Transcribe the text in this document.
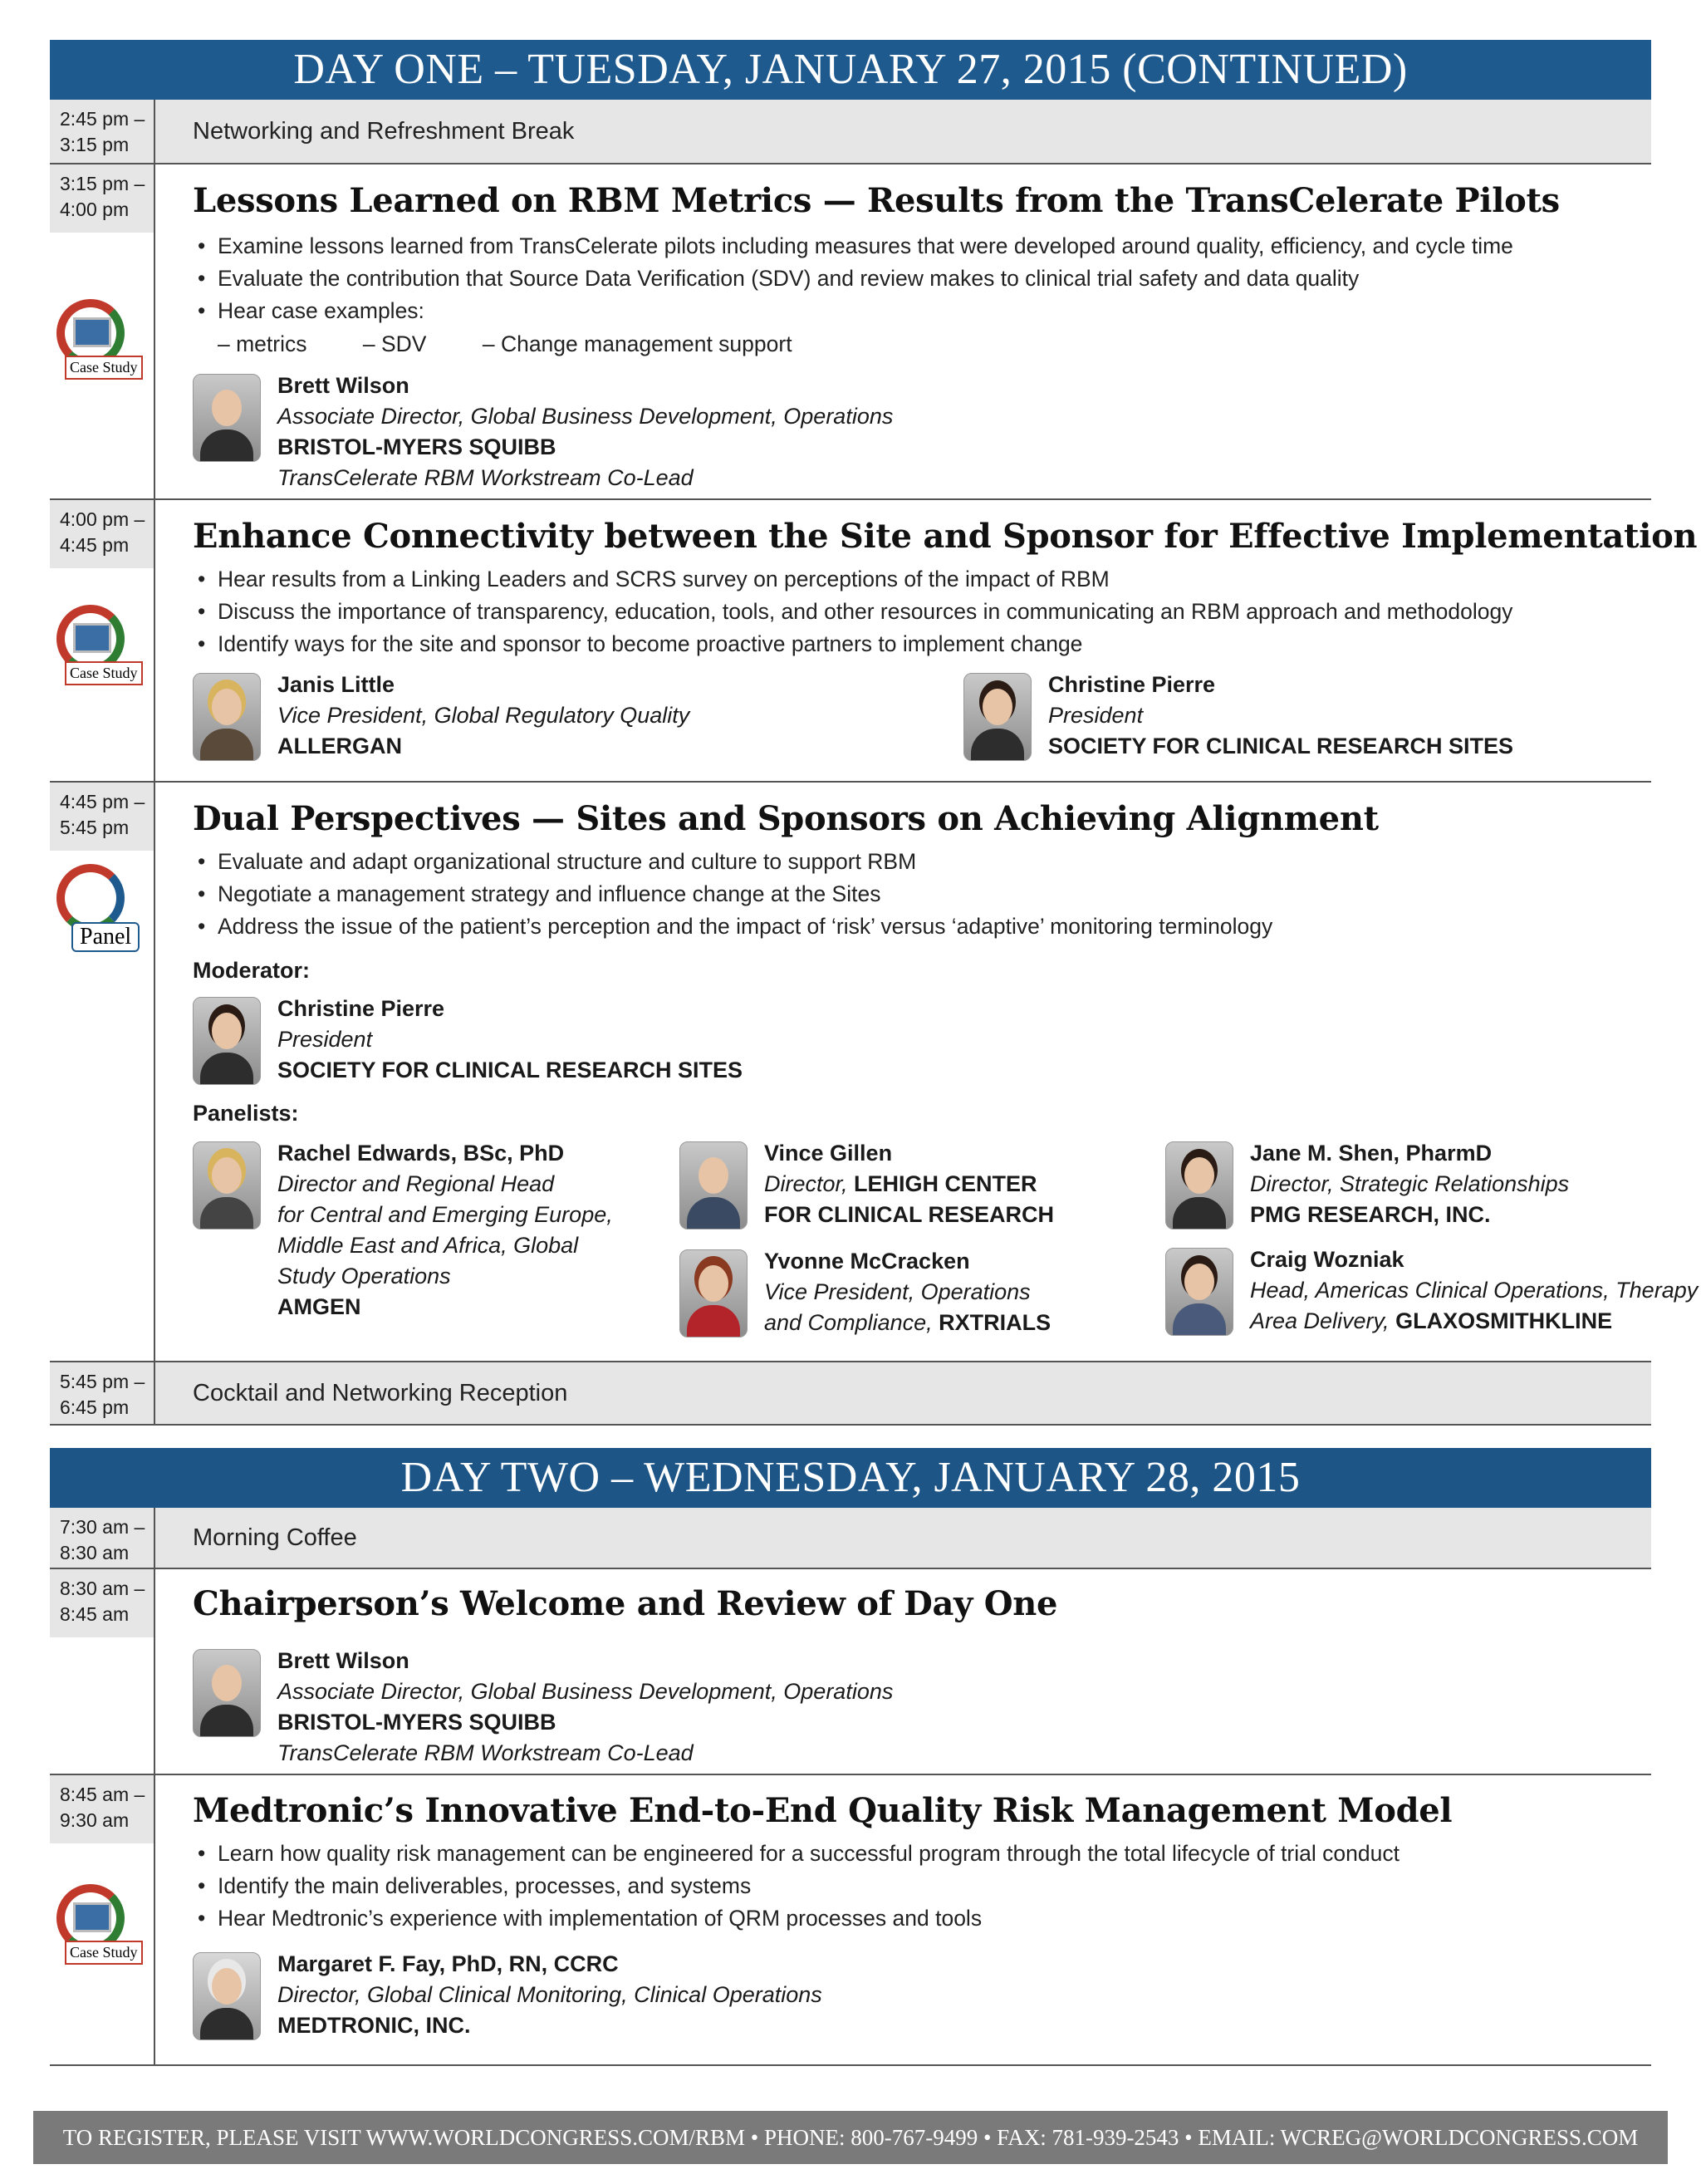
DAY ONE – TUESDAY, JANUARY 27, 2015 (CONTINUED)
2:45 pm –
3:15 pm	Networking and Refreshment Break
3:15 pm –
4:00 pm	Lessons Learned on RBM Metrics — Results from the TransCelerate Pilots
• Examine lessons learned from TransCelerate pilots including measures that were developed around quality, efficiency, and cycle time
• Evaluate the contribution that Source Data Verification (SDV) and review makes to clinical trial safety and data quality
• Hear case examples:
– metrics	– SDV	– Change management support
Case Study
Brett Wilson
Associate Director, Global Business Development, Operations
BRISTOL-MYERS SQUIBB
TransCelerate RBM Workstream Co-Lead
4:00 pm –
4:45 pm	Enhance Connectivity between the Site and Sponsor for Effective Implementation
• Hear results from a Linking Leaders and SCRS survey on perceptions of the impact of RBM
• Discuss the importance of transparency, education, tools, and other resources in communicating an RBM approach and methodology
• Identify ways for the site and sponsor to become proactive partners to implement change
Case Study	Janis Little
Vice President, Global Regulatory Quality
ALLERGAN
Christine Pierre
President
SOCIETY FOR CLINICAL RESEARCH SITES
4:45 pm –
5:45 pm	Dual Perspectives — Sites and Sponsors on Achieving Alignment
• Evaluate and adapt organizational structure and culture to support RBM
• Negotiate a management strategy and influence change at the Sites
• Address the issue of the patient’s perception and the impact of ‘risk’ versus ‘adaptive’ monitoring terminology
Panel
Moderator:
Christine Pierre
President
SOCIETY FOR CLINICAL RESEARCH SITES
Panelists:
Rachel Edwards, BSc, PhD
Director and Regional Head
for Central and Emerging Europe,
Middle East and Africa, Global
Study Operations
AMGEN
Vince Gillen
Director, LEHIGH CENTER
FOR CLINICAL RESEARCH
Yvonne McCracken
Vice President, Operations
and Compliance, RXTRIALS
Jane M. Shen, PharmD
Director, Strategic Relationships
PMG RESEARCH, INC.
Craig Wozniak
Head, Americas Clinical Operations, Therapy
Area Delivery, GLAXOSMITHKLINE
5:45 pm –
6:45 pm
Cocktail and Networking Reception
DAY TWO – WEDNESDAY, JANUARY 28, 2015
7:30 am –
8:30 am
Morning Coffee
8:30 am –
8:45 am	Chairperson’s Welcome and Review of Day One
Brett Wilson
Associate Director, Global Business Development, Operations
BRISTOL-MYERS SQUIBB
TransCelerate RBM Workstream Co-Lead
8:45 am –
9:30 am	Medtronic’s Innovative End-to-End Quality Risk Management Model
• Learn how quality risk management can be engineered for a successful program through the total lifecycle of trial conduct
• Identify the main deliverables, processes, and systems
• Hear Medtronic’s experience with implementation of QRM processes and tools
Case Study	Margaret F. Fay, PhD, RN, CCRC
Director, Global Clinical Monitoring, Clinical Operations
MEDTRONIC, INC.
TO REGISTER, PLEASE VISIT WWW.WORLDCONGRESS.COM/RBM • PHONE: 800-767-9499 • FAX: 781-939-2543 • EMAIL: WCREG@WORLDCONGRESS.COM
